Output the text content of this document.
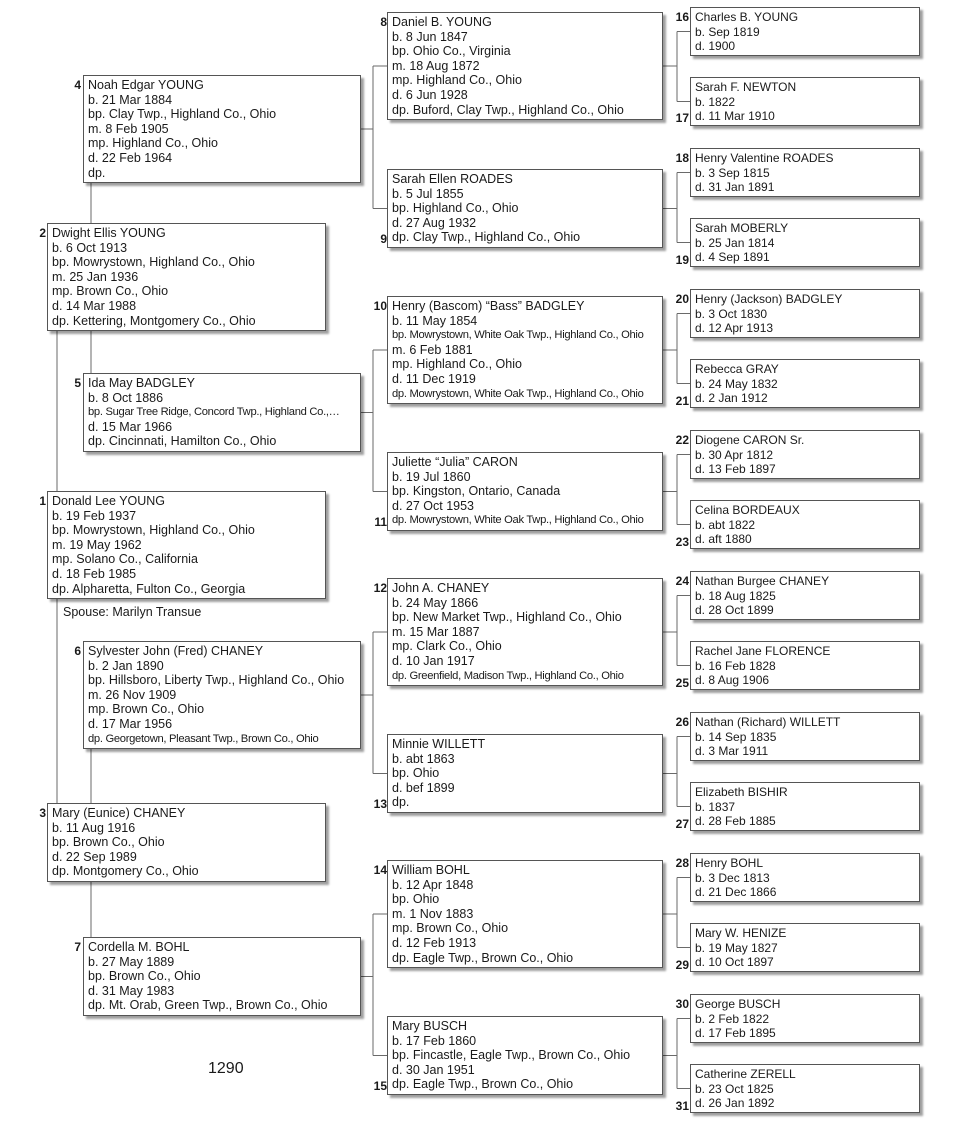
Donald Lee YOUNG
b. 19 Feb 1937
bp. Mowrystown, Highland Co., Ohio
m. 19 May 1962
mp. Solano Co., California
d. 18 Feb 1985
dp. Alpharetta, Fulton Co., Georgia
1
Dwight Ellis YOUNG
b. 6 Oct 1913
bp. Mowrystown, Highland Co., Ohio
m. 25 Jan 1936
mp. Brown Co., Ohio
d. 14 Mar 1988
dp. Kettering, Montgomery Co., Ohio
2
Mary (Eunice) CHANEY
b. 11 Aug 1916
bp. Brown Co., Ohio
d. 22 Sep 1989
dp. Montgomery Co., Ohio
3
Noah Edgar YOUNG
b. 21 Mar 1884
bp. Clay Twp., Highland Co., Ohio
m. 8 Feb 1905
mp. Highland Co., Ohio
d. 22 Feb 1964
dp.
4
Ida May BADGLEY
b. 8 Oct 1886
bp. Sugar Tree Ridge, Concord Twp., Highland Co.,…
d. 15 Mar 1966
dp. Cincinnati, Hamilton Co., Ohio
5
Sylvester John (Fred) CHANEY
b. 2 Jan 1890
bp. Hillsboro, Liberty Twp., Highland Co., Ohio
m. 26 Nov 1909
mp. Brown Co., Ohio
d. 17 Mar 1956
dp. Georgetown, Pleasant Twp., Brown Co., Ohio
6
Cordella M. BOHL
b. 27 May 1889
bp. Brown Co., Ohio
d. 31 May 1983
dp. Mt. Orab, Green Twp., Brown Co., Ohio
7
Daniel B. YOUNG
b. 8 Jun 1847
bp. Ohio Co., Virginia
m. 18 Aug 1872
mp. Highland Co., Ohio
d. 6 Jun 1928
dp. Buford, Clay Twp., Highland Co., Ohio
8
Sarah Ellen ROADES
b. 5 Jul 1855
bp. Highland Co., Ohio
d. 27 Aug 1932
dp. Clay Twp., Highland Co., Ohio
9
Henry (Bascom) “Bass” BADGLEY
b. 11 May 1854
bp. Mowrystown, White Oak Twp., Highland Co., Ohio
m. 6 Feb 1881
mp. Highland Co., Ohio
d. 11 Dec 1919
dp. Mowrystown, White Oak Twp., Highland Co., Ohio
10
Juliette “Julia” CARON
b. 19 Jul 1860
bp. Kingston, Ontario, Canada
d. 27 Oct 1953
dp. Mowrystown, White Oak Twp., Highland Co., Ohio
11
John A. CHANEY
b. 24 May 1866
bp. New Market Twp., Highland Co., Ohio
m. 15 Mar 1887
mp. Clark Co., Ohio
d. 10 Jan 1917
dp. Greenfield, Madison Twp., Highland Co., Ohio
12
Minnie WILLETT
b. abt 1863
bp. Ohio
d. bef 1899
dp.
13
William BOHL
b. 12 Apr 1848
bp. Ohio
m. 1 Nov 1883
mp. Brown Co., Ohio
d. 12 Feb 1913
dp. Eagle Twp., Brown Co., Ohio
14
Mary BUSCH
b. 17 Feb 1860
bp. Fincastle, Eagle Twp., Brown Co., Ohio
d. 30 Jan 1951
dp. Eagle Twp., Brown Co., Ohio
15
Charles B. YOUNG
b. Sep 1819
d. 1900
16
Sarah F. NEWTON
b. 1822
d. 11 Mar 1910
17
Henry Valentine ROADES
b. 3 Sep 1815
d. 31 Jan 1891
18
Sarah MOBERLY
b. 25 Jan 1814
d. 4 Sep 1891
19
Henry (Jackson) BADGLEY
b. 3 Oct 1830
d. 12 Apr 1913
20
Rebecca GRAY
b. 24 May 1832
d. 2 Jan 1912
21
Diogene CARON Sr.
b. 30 Apr 1812
d. 13 Feb 1897
22
Celina BORDEAUX
b. abt 1822
d. aft 1880
23
Nathan Burgee CHANEY
b. 18 Aug 1825
d. 28 Oct 1899
24
Rachel Jane FLORENCE
b. 16 Feb 1828
d. 8 Aug 1906
25
Nathan (Richard) WILLETT
b. 14 Sep 1835
d. 3 Mar 1911
26
Elizabeth BISHIR
b. 1837
d. 28 Feb 1885
27
Henry BOHL
b. 3 Dec 1813
d. 21 Dec 1866
28
Mary W. HENIZE
b. 19 May 1827
d. 10 Oct 1897
29
George BUSCH
b. 2 Feb 1822
d. 17 Feb 1895
30
Catherine ZERELL
b. 23 Oct 1825
d. 26 Jan 1892
31
Spouse: Marilyn Transue
1290
